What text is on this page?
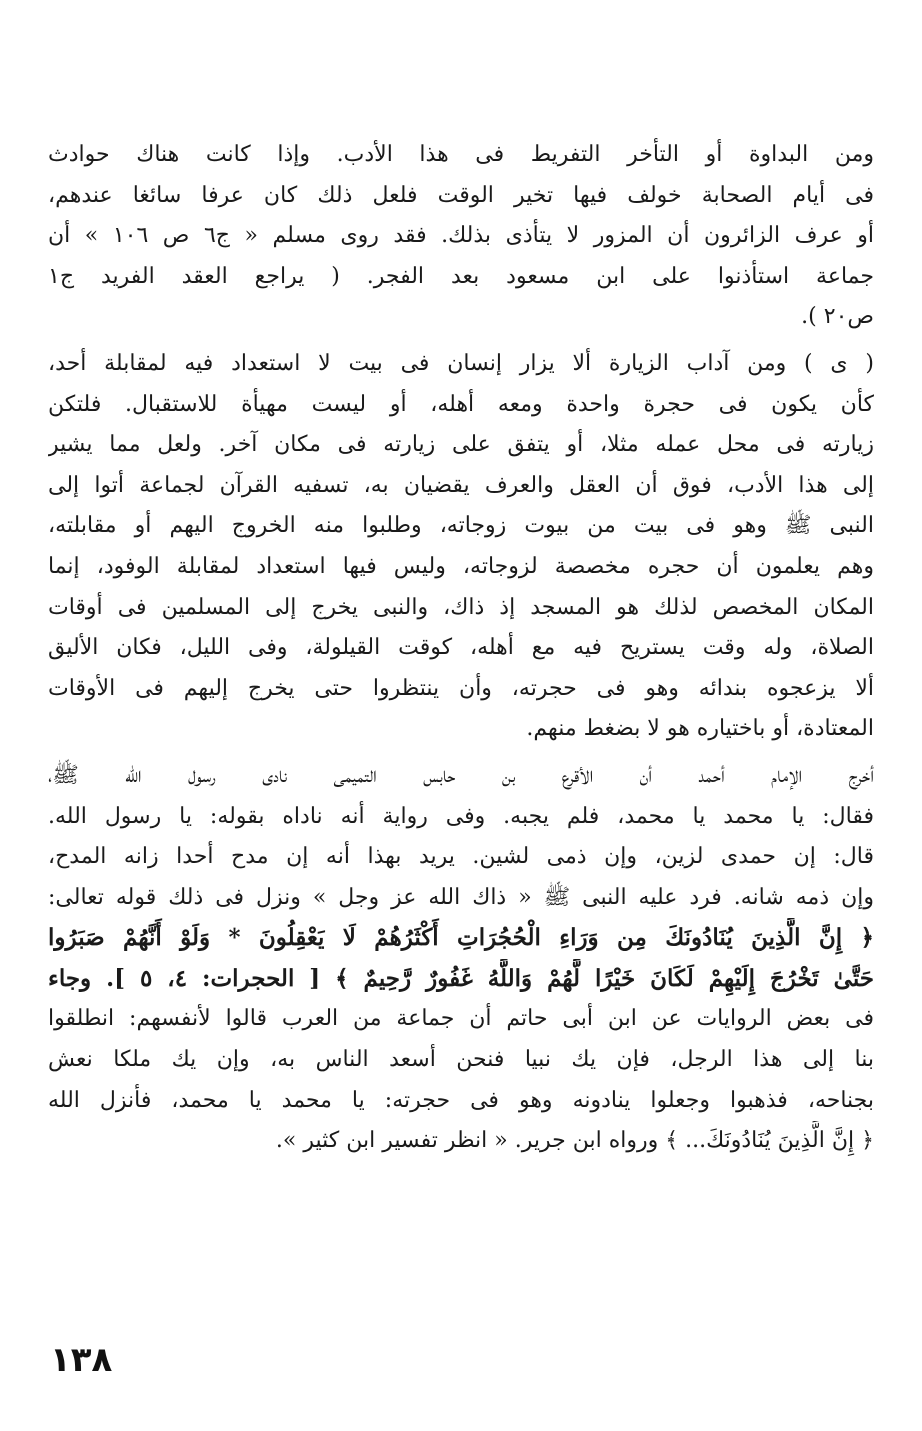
ومن البداوة أو التأخر التفريط فى هذا الأدب. وإذا كانت هناك حوادث
فى أيام الصحابة خولف فيها تخير الوقت فلعل ذلك كان عرفا سائغا عندهم،
أو عرف الزائرون أن المزور لا يتأذى بذلك. فقد روى مسلم « ج٦ ص ١٠٦ » أن
جماعة استأذنوا على ابن مسعود بعد الفجر. ( يراجع العقد الفريد ج١
ص٢٠ ).
( ى ) ومن آداب الزيارة ألا يزار إنسان فى بيت لا استعداد فيه لمقابلة أحد،
كأن يكون فى حجرة واحدة ومعه أهله، أو ليست مهيأة للاستقبال. فلتكن
زيارته فى محل عمله مثلا، أو يتفق على زيارته فى مكان آخر. ولعل مما يشير
إلى هذا الأدب، فوق أن العقل والعرف يقضيان به، تسفيه القرآن لجماعة أتوا إلى
النبى ﷺ وهو فى بيت من بيوت زوجاته، وطلبوا منه الخروج اليهم أو مقابلته،
وهم يعلمون أن حجره مخصصة لزوجاته، وليس فيها استعداد لمقابلة الوفود، إنما
المكان المخصص لذلك هو المسجد إذ ذاك، والنبى يخرج إلى المسلمين فى أوقات
الصلاة، وله وقت يستريح فيه مع أهله، كوقت القيلولة، وفى الليل، فكان الأليق
ألا يزعجوه بندائه وهو فى حجرته، وأن ينتظروا حتى يخرج إليهم فى الأوقات
المعتادة، أو باختياره هو لا بضغط منهم.
أخرج الإمام أحمد أن الأقرع بن حابس التميمى نادى رسول الله ﷺ،
فقال: يا محمد يا محمد، فلم يجبه. وفى رواية أنه ناداه بقوله: يا رسول الله.
قال: إن حمدى لزين، وإن ذمى لشين. يريد بهذا أنه إن مدح أحدا زانه المدح،
وإن ذمه شانه. فرد عليه النبى ﷺ « ذاك الله عز وجل » ونزل فى ذلك قوله تعالى:
﴿ إِنَّ الَّذِينَ يُنَادُونَكَ مِن وَرَاءِ الْحُجُرَاتِ أَكْثَرُهُمْ لَا يَعْقِلُونَ * وَلَوْ أَنَّهُمْ صَبَرُوا
حَتَّىٰ تَخْرُجَ إِلَيْهِمْ لَكَانَ خَيْرًا لَّهُمْ وَاللَّهُ غَفُورٌ رَّحِيمٌ ﴾ [ الحجرات: ٤، ٥ ]. وجاء
فى بعض الروايات عن ابن أبى حاتم أن جماعة من العرب قالوا لأنفسهم: انطلقوا
بنا إلى هذا الرجل، فإن يك نبيا فنحن أسعد الناس به، وإن يك ملكا نعش
بجناحه، فذهبوا وجعلوا ينادونه وهو فى حجرته: يا محمد يا محمد، فأنزل الله
﴿ إِنَّ الَّذِينَ يُنَادُونَكَ... ﴾ ورواه ابن جرير. « انظر تفسير ابن كثير ».
١٣٨
